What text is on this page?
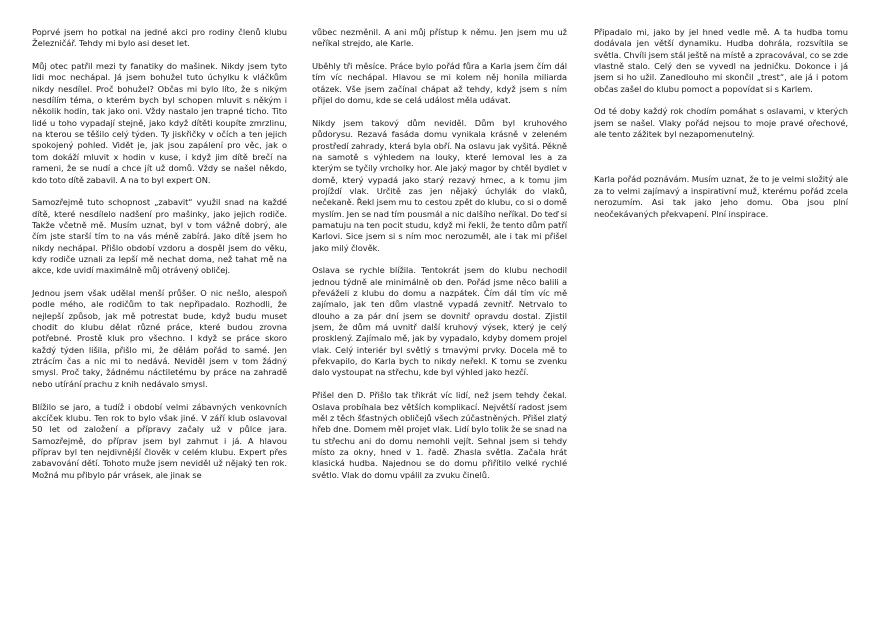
Poprvé jsem ho potkal na jedné akci pro rodiny členů klubu Železničář. Tehdy mi bylo asi deset let.

Můj otec patřil mezi ty fanatiky do mašinek. Nikdy jsem tyto lidi moc nechápal. Já jsem bohužel tuto úchylku k vláčkům nikdy nesdílel. Proč bohužel? Občas mi bylo líto, že s nikým nesdílím téma, o kterém bych byl schopen mluvit s někým i několik hodin, tak jako oni. Vždy nastalo jen trapné ticho. Tito lidé u toho vypadají stejně, jako když dítěti koupíte zmrzlinu, na kterou se těšilo celý týden. Ty jiskřičky v očích a ten jejich spokojený pohled. Vidět je, jak jsou zapálení pro věc, jak o tom dokáží mluvit x hodin v kuse, i když jim dítě brečí na rameni, že se nudí a chce jít už domů. Vždy se našel někdo, kdo toto dítě zabavil. A na to byl expert ON.

Samozřejmě tuto schopnost „zabavit“ využil snad na každé dítě, které nesdílelo nadšení pro mašinky, jako jejich rodiče. Takže včetně mě. Musím uznat, byl v tom vážně dobrý, ale čím jste starší tím to na vás méně zabírá. Jako dítě jsem ho nikdy nechápal. Přišlo období vzdoru a dospěl jsem do věku, kdy rodiče uznali za lepší mě nechat doma, než tahat mě na akce, kde uvidí maximálně můj otrávený obličej.

Jednou jsem však udělal menší průšer. O nic nešlo, alespoň podle mého, ale rodičům to tak nepřipadalo. Rozhodli, že nejlepší způsob, jak mě potrestat bude, když budu muset chodit do klubu dělat různé práce, které budou zrovna potřebné. Prostě kluk pro všechno. I když se práce skoro každý týden lišila, přišlo mi, že dělám pořád to samé. Jen ztrácím čas a nic mi to nedává. Neviděl jsem v tom žádný smysl. Proč taky, žádnému náctiletému by práce na zahradě nebo utírání prachu z knih nedávalo smysl.

Blížilo se jaro, a tudíž i období velmi zábavných venkovních akcíček klubu. Ten rok to bylo však jiné. V září klub oslavoval 50 let od založení a přípravy začaly už v půlce jara. Samozřejmě, do příprav jsem byl zahrnut i já. A hlavou příprav byl ten nejdivnější člověk v celém klubu. Expert přes zabavování dětí. Tohoto muže jsem neviděl už nějaký ten rok. Možná mu přibylo pár vrásek, ale jinak se

vůbec nezměnil. A ani můj přístup k němu. Jen jsem mu už neříkal strejdo, ale Karle.

Uběhly tři měsíce. Práce bylo pořád fůra a Karla jsem čím dál tím víc nechápal. Hlavou se mi kolem něj honila miliarda otázek. Vše jsem začínal chápat až tehdy, když jsem s ním přijel do domu, kde se celá událost měla udávat.

Nikdy jsem takový dům neviděl. Dům byl kruhového půdorysu. Rezavá fasáda domu vynikala krásně v zeleném prostředí zahrady, která byla obří. Na oslavu jak vyšitá. Pěkně na samotě s výhledem na louky, které lemoval les a za kterým se tyčily vrcholky hor. Ale jaký magor by chtěl bydlet v domě, který vypadá jako starý rezavý hrnec, a k tomu jim projíždí vlak. Určitě zas jen nějaký úchylák do vlaků, nečekaně. Řekl jsem mu to cestou zpět do klubu, co si o domě myslím. Jen se nad tím pousmál a nic dalšího neříkal. Do teď si pamatuju na ten pocit studu, když mi řekli, že tento dům patří Karlovi. Sice jsem si s ním moc nerozuměl, ale i tak mi přišel jako milý člověk.

Oslava se rychle blížila. Tentokrát jsem do klubu nechodil jednou týdně ale minimálně ob den. Pořád jsme něco balili a převáželi z klubu do domu a nazpátek. Čím dál tím víc mě zajímalo, jak ten dům vlastně vypadá zevnitř. Netrvalo to dlouho a za pár dní jsem se dovnitř opravdu dostal. Zjistil jsem, že dům má uvnitř další kruhový výsek, který je celý prosklený. Zajímalo mě, jak by vypadalo, kdyby domem projel vlak. Celý interiér byl světlý s tmavými prvky. Docela mě to překvapilo, do Karla bych to nikdy neřekl. K tomu se zvenku dalo vystoupat na střechu, kde byl výhled jako hezčí.

Přišel den D. Přišlo tak třikrát víc lidí, než jsem tehdy čekal. Oslava probíhala bez větších komplikací. Největší radost jsem měl z těch šťastných obličejů všech zúčastněných. Přišel zlatý hřeb dne. Domem měl projet vlak. Lidí bylo tolik že se snad na tu střechu ani do domu nemohli vejít. Sehnal jsem si tehdy místo za okny, hned v 1. řadě. Zhasla světla. Začala hrát klasická hudba. Najednou se do domu přiřítilo velké rychlé světlo. Vlak do domu vpálil za zvuku činelů.

Připadalo mi, jako by jel hned vedle mě. A ta hudba tomu dodávala jen větší dynamiku. Hudba dohrála, rozsvítila se světla. Chvíli jsem stál ještě na místě a zpracovával, co se zde vlastně stalo. Celý den se vyvedl na jedničku. Dokonce i já jsem si ho užil. Zanedlouho mi skončil „trest“, ale já i potom občas zašel do klubu pomoct a popovídat si s Karlem.

Od té doby každý rok chodím pomáhat s oslavami, v kterých jsem se našel. Vlaky pořád nejsou to moje pravé ořechové, ale tento zážitek byl nezapomenutelný.

Karla pořád poznávám. Musím uznat, že to je velmi složitý ale za to velmi zajímavý a inspirativní muž, kterému pořád zcela nerozumím. Asi tak jako jeho domu. Oba jsou plní neočekávaných překvapení. Plní inspirace.
